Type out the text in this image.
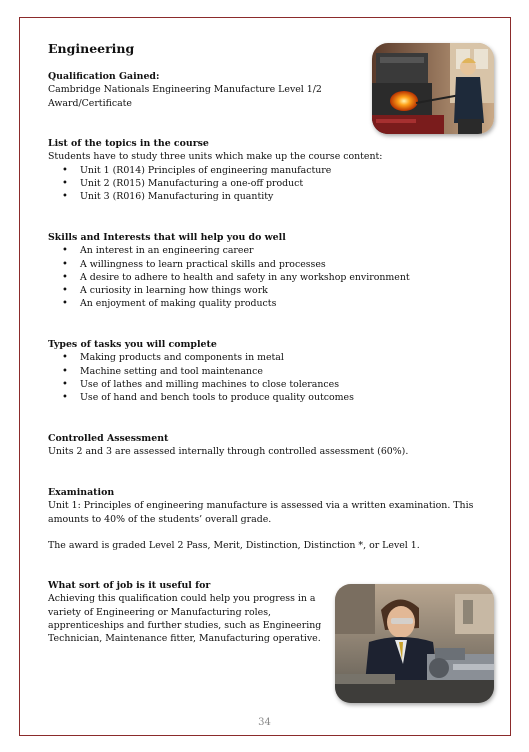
Engineering
Qualification Gained:
Cambridge Nationals Engineering Manufacture Level 1/2
Award/Certificate
List of the topics in the course
Students have to study three units which make up the course content:
• Unit 1 (R014) Principles of engineering manufacture
• Unit 2 (R015) Manufacturing a one-off product
• Unit 3 (R016) Manufacturing in quantity
Skills and Interests that will help you do well
• An interest in an engineering career
• A willingness to learn practical skills and processes
• A desire to adhere to health and safety in any workshop environment
• A curiosity in learning how things work
• An enjoyment of making quality products
Types of tasks you will complete
• Making products and components in metal
• Machine setting and tool maintenance
• Use of lathes and milling machines to close tolerances
• Use of hand and bench tools to produce quality outcomes
Controlled Assessment
Units 2 and 3 are assessed internally through controlled assessment (60%).
Examination
Unit 1: Principles of engineering manufacture is assessed via a written examination. This
amounts to 40% of the students’ overall grade.
The award is graded Level 2 Pass, Merit, Distinction, Distinction *, or Level 1.
What sort of job is it useful for
Achieving this qualification could help you progress in a
variety of Engineering or Manufacturing roles,
apprenticeships and further studies, such as Engineering
Technician, Maintenance fitter, Manufacturing operative.
34
